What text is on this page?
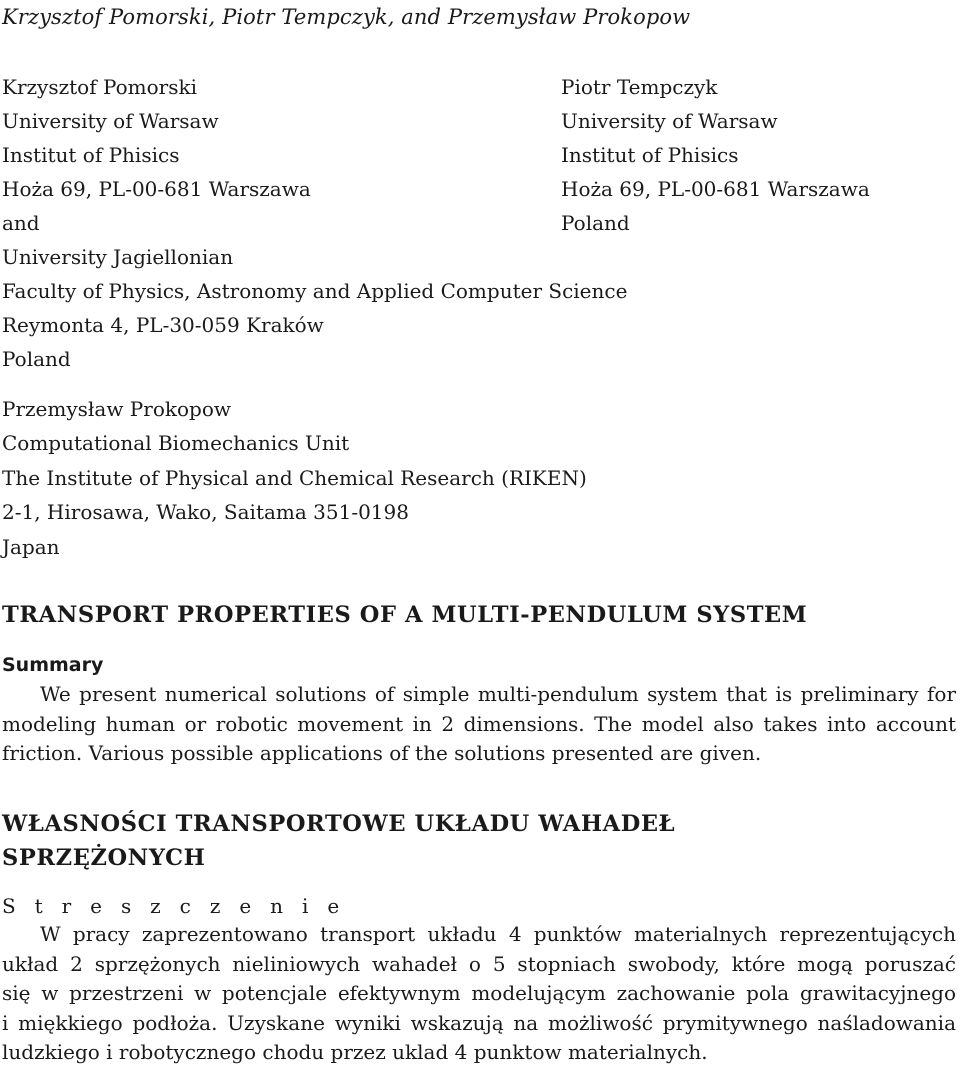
Krzysztof Pomorski, Piotr Tempczyk, and Przemysław Prokopow
Krzysztof Pomorski
University of Warsaw
Institut of Phisics
Hoża 69, PL-00-681 Warszawa
and
University Jagiellonian
Faculty of Physics, Astronomy and Applied Computer Science
Reymonta 4, PL-30-059 Kraków
Poland
Piotr Tempczyk
University of Warsaw
Institut of Phisics
Hoża 69, PL-00-681 Warszawa
Poland
Przemysław Prokopow
Computational Biomechanics Unit
The Institute of Physical and Chemical Research (RIKEN)
2-1, Hirosawa, Wako, Saitama 351-0198
Japan
TRANSPORT PROPERTIES OF A MULTI-PENDULUM SYSTEM
Summary
We present numerical solutions of simple multi-pendulum system that is preliminary for
modeling human or robotic movement in 2 dimensions. The model also takes into account
friction. Various possible applications of the solutions presented are given.
WŁASNOŚCI TRANSPORTOWE UKŁADU WAHADEŁ
SPRZĘŻONYCH
S t r e s z c z e n i e
W pracy zaprezentowano transport układu 4 punktów materialnych reprezentujących
układ 2 sprzężonych nieliniowych wahadeł o 5 stopniach swobody, które mogą poruszać
się w przestrzeni w potencjale efektywnym modelującym zachowanie pola grawitacyjnego
i miękkiego podłoża. Uzyskane wyniki wskazują na możliwość prymitywnego naśladowania
ludzkiego i robotycznego chodu przez uklad 4 punktow materialnych.
